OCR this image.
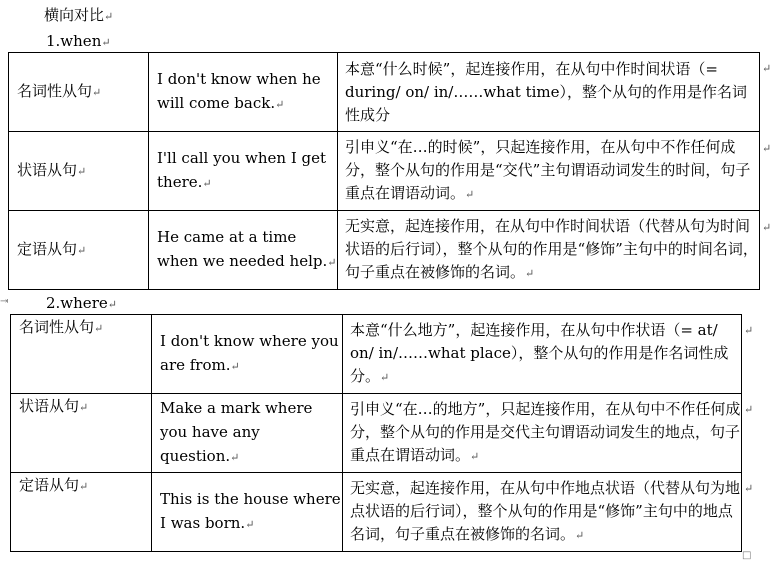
横向对比↵
1.when↵
名词性从句↵	I don't know when he will come back.↵	本意“什么时候”，起连接作用，在从句中作时间状语（= during/ on/ in/……what time），整个从句的作用是作名词性成分
状语从句↵	I'll call you when I get there.↵	引申义“在…的时候”，只起连接作用，在从句中不作任何成分，整个从句的作用是“交代”主句谓语动词发生的时间，句子重点在谓语动词。↵
定语从句↵	He came at a time when we needed help.↵	无实意，起连接作用，在从句中作时间状语（代替从句为时间状语的后行词），整个从句的作用是“修饰”主句中的时间名词，句子重点在被修饰的名词。↵
↵
↵
↵
⇥	2.where↵
名词性从句↵	I don't know where you are from.↵	本意“什么地方”，起连接作用，在从句中作状语（= at/ on/ in/……what place），整个从句的作用是作名词性成分。↵
状语从句↵	Make a mark where you have any question.↵	引申义“在…的地方”，只起连接作用，在从句中不作任何成分，整个从句的作用是交代主句谓语动词发生的地点，句子重点在谓语动词。↵
定语从句↵	This is the house where I was born.↵	无实意，起连接作用，在从句中作地点状语（代替从句为地点状语的后行词），整个从句的作用是“修饰”主句中的地点名词，句子重点在被修饰的名词。↵
↵
↵
↵
□
